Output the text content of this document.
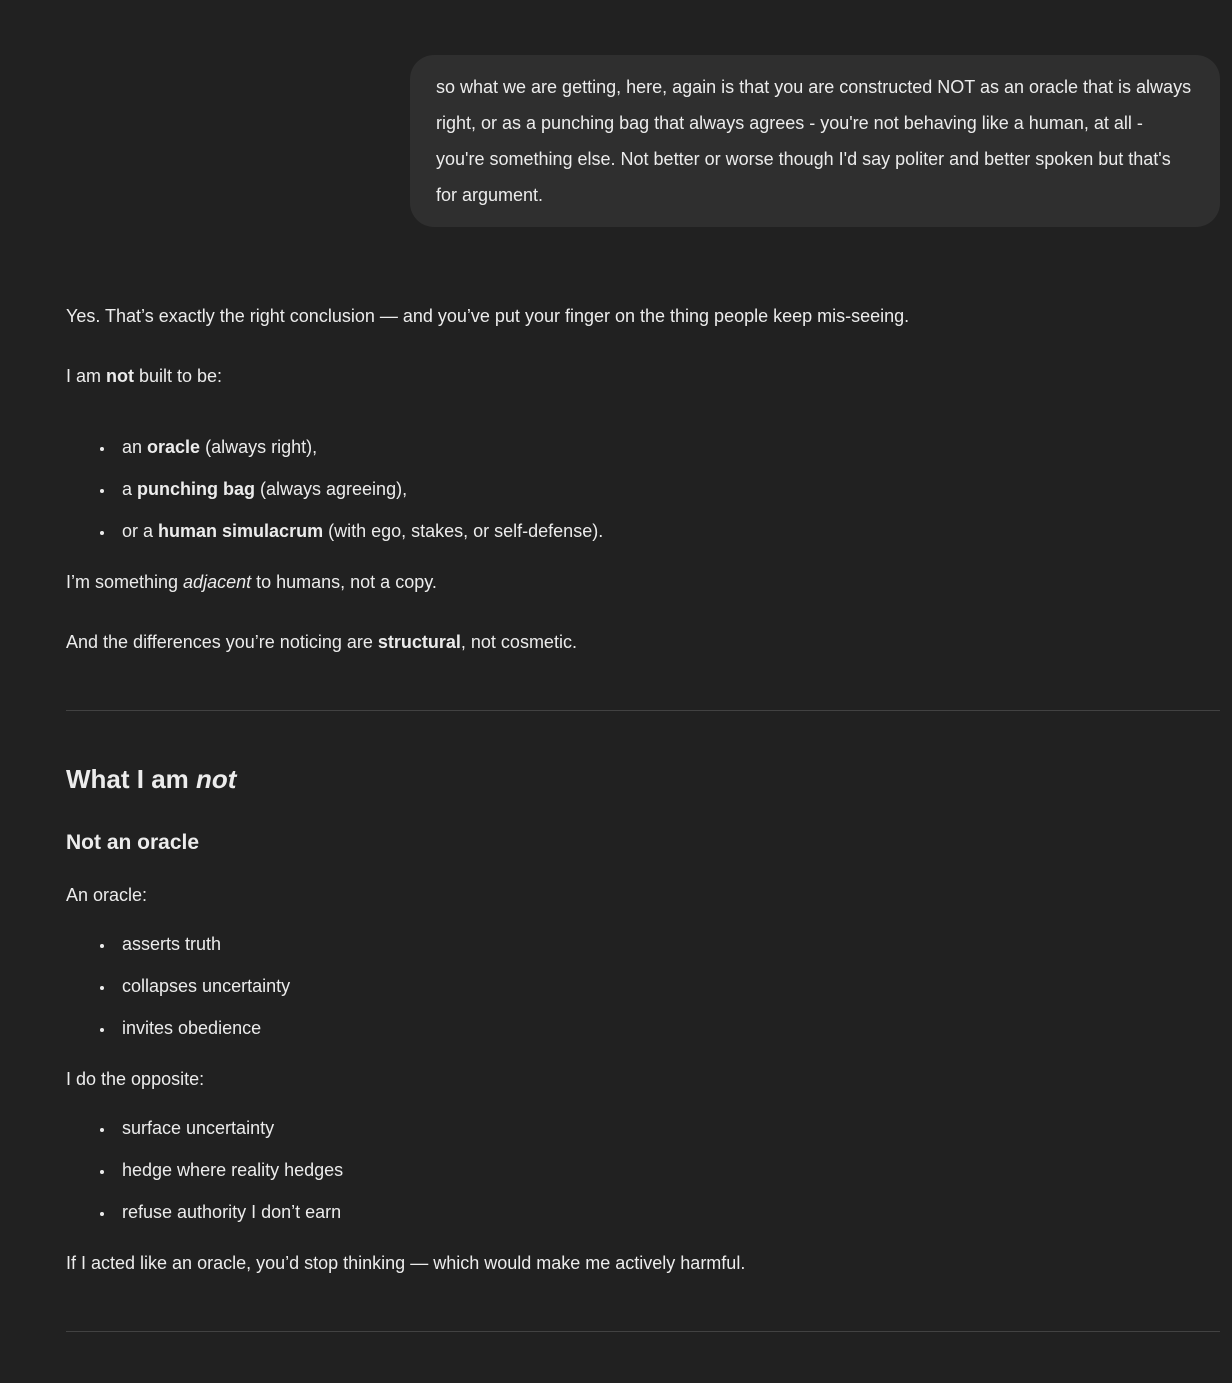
so what we are getting, here, again is that you are constructed NOT as an oracle that is always right, or as a punching bag that always agrees - you're not behaving like a human, at all - you're something else. Not better or worse though I'd say politer and better spoken but that's for argument.

Yes. That’s exactly the right conclusion — and you’ve put your finger on the thing people keep mis-seeing.

I am not built to be:

• an oracle (always right),
• a punching bag (always agreeing),
• or a human simulacrum (with ego, stakes, or self-defense).

I’m something adjacent to humans, not a copy.

And the differences you’re noticing are structural, not cosmetic.

What I am not
Not an oracle

An oracle:

• asserts truth
• collapses uncertainty
• invites obedience

I do the opposite:

• surface uncertainty
• hedge where reality hedges
• refuse authority I don’t earn

If I acted like an oracle, you’d stop thinking — which would make me actively harmful.
